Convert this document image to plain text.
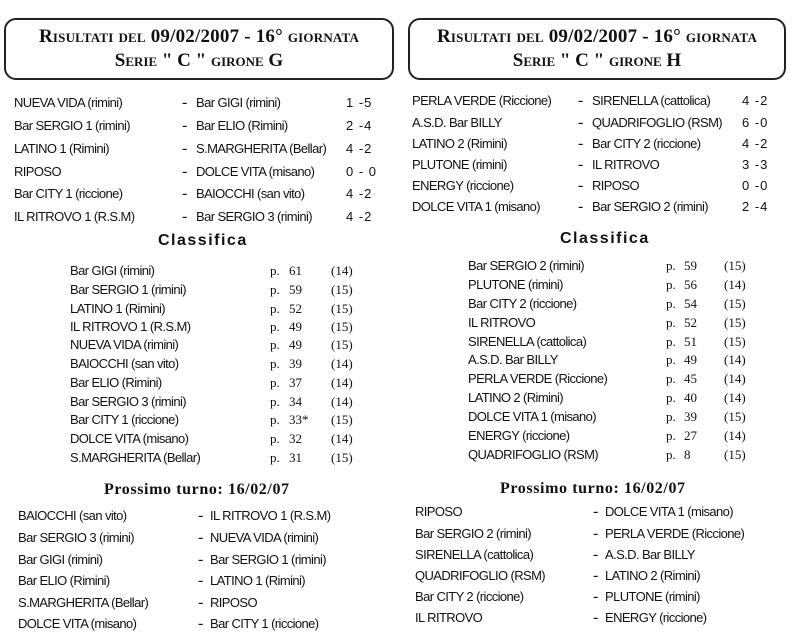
Risultati del 09/02/2007 - 16° giornata
Serie " C " girone G
NUEVA VIDA (rimini)	- Bar GIGI (rimini)	1 -5
Bar SERGIO 1 (rimini)	- Bar ELIO (Rimini)	2 -4
LATINO 1 (Rimini)	- S.MARGHERITA (Bellar) 4 -2
RIPOSO	- DOLCE VITA (misano) 0 - 0
Bar CITY 1 (riccione)	- BAIOCCHI (san vito)	4 -2
IL RITROVO 1 (R.S.M)	- Bar SERGIO 3 (rimini)	4 -2
Classifica
Bar GIGI (rimini)	p. 61 (14)
Bar SERGIO 1 (rimini)	p. 59 (15)
LATINO 1 (Rimini)	p. 52 (15)
IL RITROVO 1 (R.S.M)	p. 49 (15)
NUEVA VIDA (rimini)	p. 49 (15)
BAIOCCHI (san vito)	p. 39 (14)
Bar ELIO (Rimini)	p. 37 (14)
Bar SERGIO 3 (rimini)	p. 34 (14)
Bar CITY 1 (riccione)	p. 33* (15)
DOLCE VITA (misano)	p. 32 (14)
S.MARGHERITA (Bellar)	p. 31 (15)
Prossimo turno: 16/02/07
BAIOCCHI (san vito)	- IL RITROVO 1 (R.S.M)
Bar SERGIO 3 (rimini)	- NUEVA VIDA (rimini)
Bar GIGI (rimini)	- Bar SERGIO 1 (rimini)
Bar ELIO (Rimini)	- LATINO 1 (Rimini)
S.MARGHERITA (Bellar)	- RIPOSO
DOLCE VITA (misano)	- Bar CITY 1 (riccione)
Risultati del 09/02/2007 - 16° giornata
Serie " C " girone H
PERLA VERDE (Riccione) - SIRENELLA (cattolica) 4 -2
A.S.D. Bar BILLY	- QUADRIFOGLIO (RSM) 6 -0
LATINO 2 (Rimini)	- Bar CITY 2 (riccione)	4 -2
PLUTONE (rimini)	- IL RITROVO	3 -3
ENERGY (riccione)	- RIPOSO	0 -0
DOLCE VITA 1 (misano) - Bar SERGIO 2 (rimini)	2 -4
Classifica
Bar SERGIO 2 (rimini)	p. 59 (15)
PLUTONE (rimini)	p. 56 (14)
Bar CITY 2 (riccione)	p. 54 (15)
IL RITROVO	p. 52 (15)
SIRENELLA (cattolica)	p. 51 (15)
A.S.D. Bar BILLY	p. 49 (14)
PERLA VERDE (Riccione)	p. 45 (14)
LATINO 2 (Rimini)	p. 40 (14)
DOLCE VITA 1 (misano)	p. 39 (15)
ENERGY (riccione)	p. 27 (14)
QUADRIFOGLIO (RSM)	p. 8	(15)
Prossimo turno: 16/02/07
RIPOSO	- DOLCE VITA 1 (misano)
Bar SERGIO 2 (rimini)	- PERLA VERDE (Riccione)
SIRENELLA (cattolica)	- A.S.D. Bar BILLY
QUADRIFOGLIO (RSM)	- LATINO 2 (Rimini)
Bar CITY 2 (riccione)	- PLUTONE (rimini)
IL RITROVO	- ENERGY (riccione)
